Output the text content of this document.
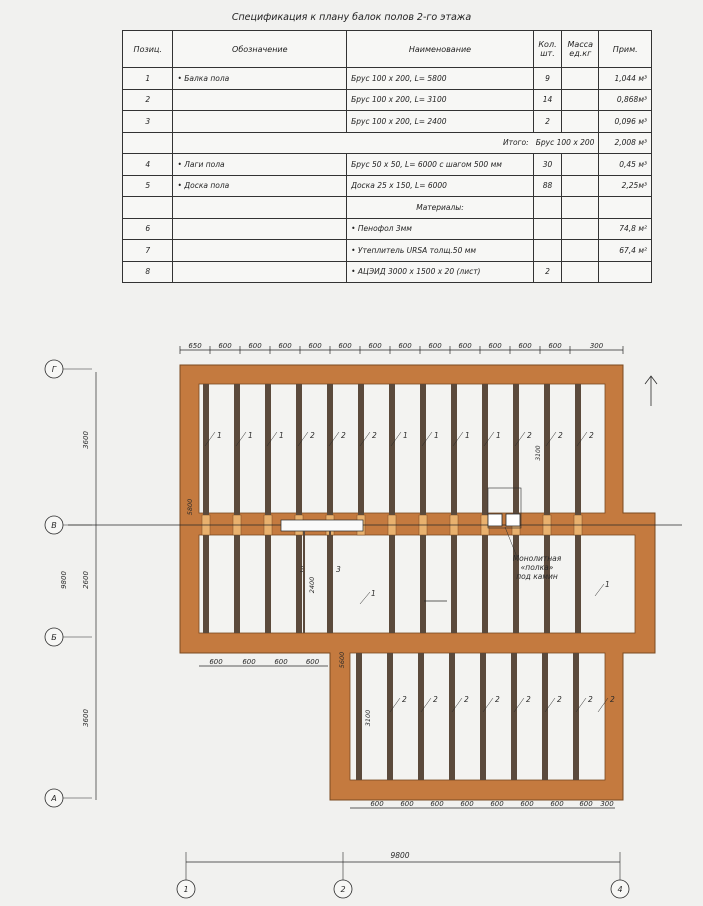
Спецификация к плану балок полов 2-го этажа
Позиц.	Обозначение	Наименование	Кол. шт.	Масса ед.кг	Прим.
1	• Балка пола	Брус 100 х 200, L= 5800	9		1,044 м³
2		Брус 100 х 200, L= 3100	14		0,868м³
3		Брус 100 х 200, L= 2400	2		0,096 м³
	Итого: Брус 100 х 200				2,008 м³
4	• Лаги пола	Брус 50 х 50, L= 6000 с шагом 500 мм	30		0,45 м³
5	• Доска пола	Доска 25 х 150, L= 6000	88		2,25м³
		Материалы:			
6		• Пенофол 3мм			74,8 м²
7		• Утеплитель URSA толщ.50 мм			67,4 м²
8		• АЦЭИД 3000 х 1500 х 20 (лист)	2		
650 600 600 600 600 600 600 600 600 600 600 600 600	300
600	600	600	600
600 600 600 600 600 600 600 600 300
3600
9800 2600
3600
9800
5800
3100
5600
3100
2400
1	1	1	2	2	2	1	1	1	1	2	2	2
2	2	2	2	2	2	2 2
3	3
1
1
Г
В
Б
А
1	2	4
Монолитная
«полка»
под камин
